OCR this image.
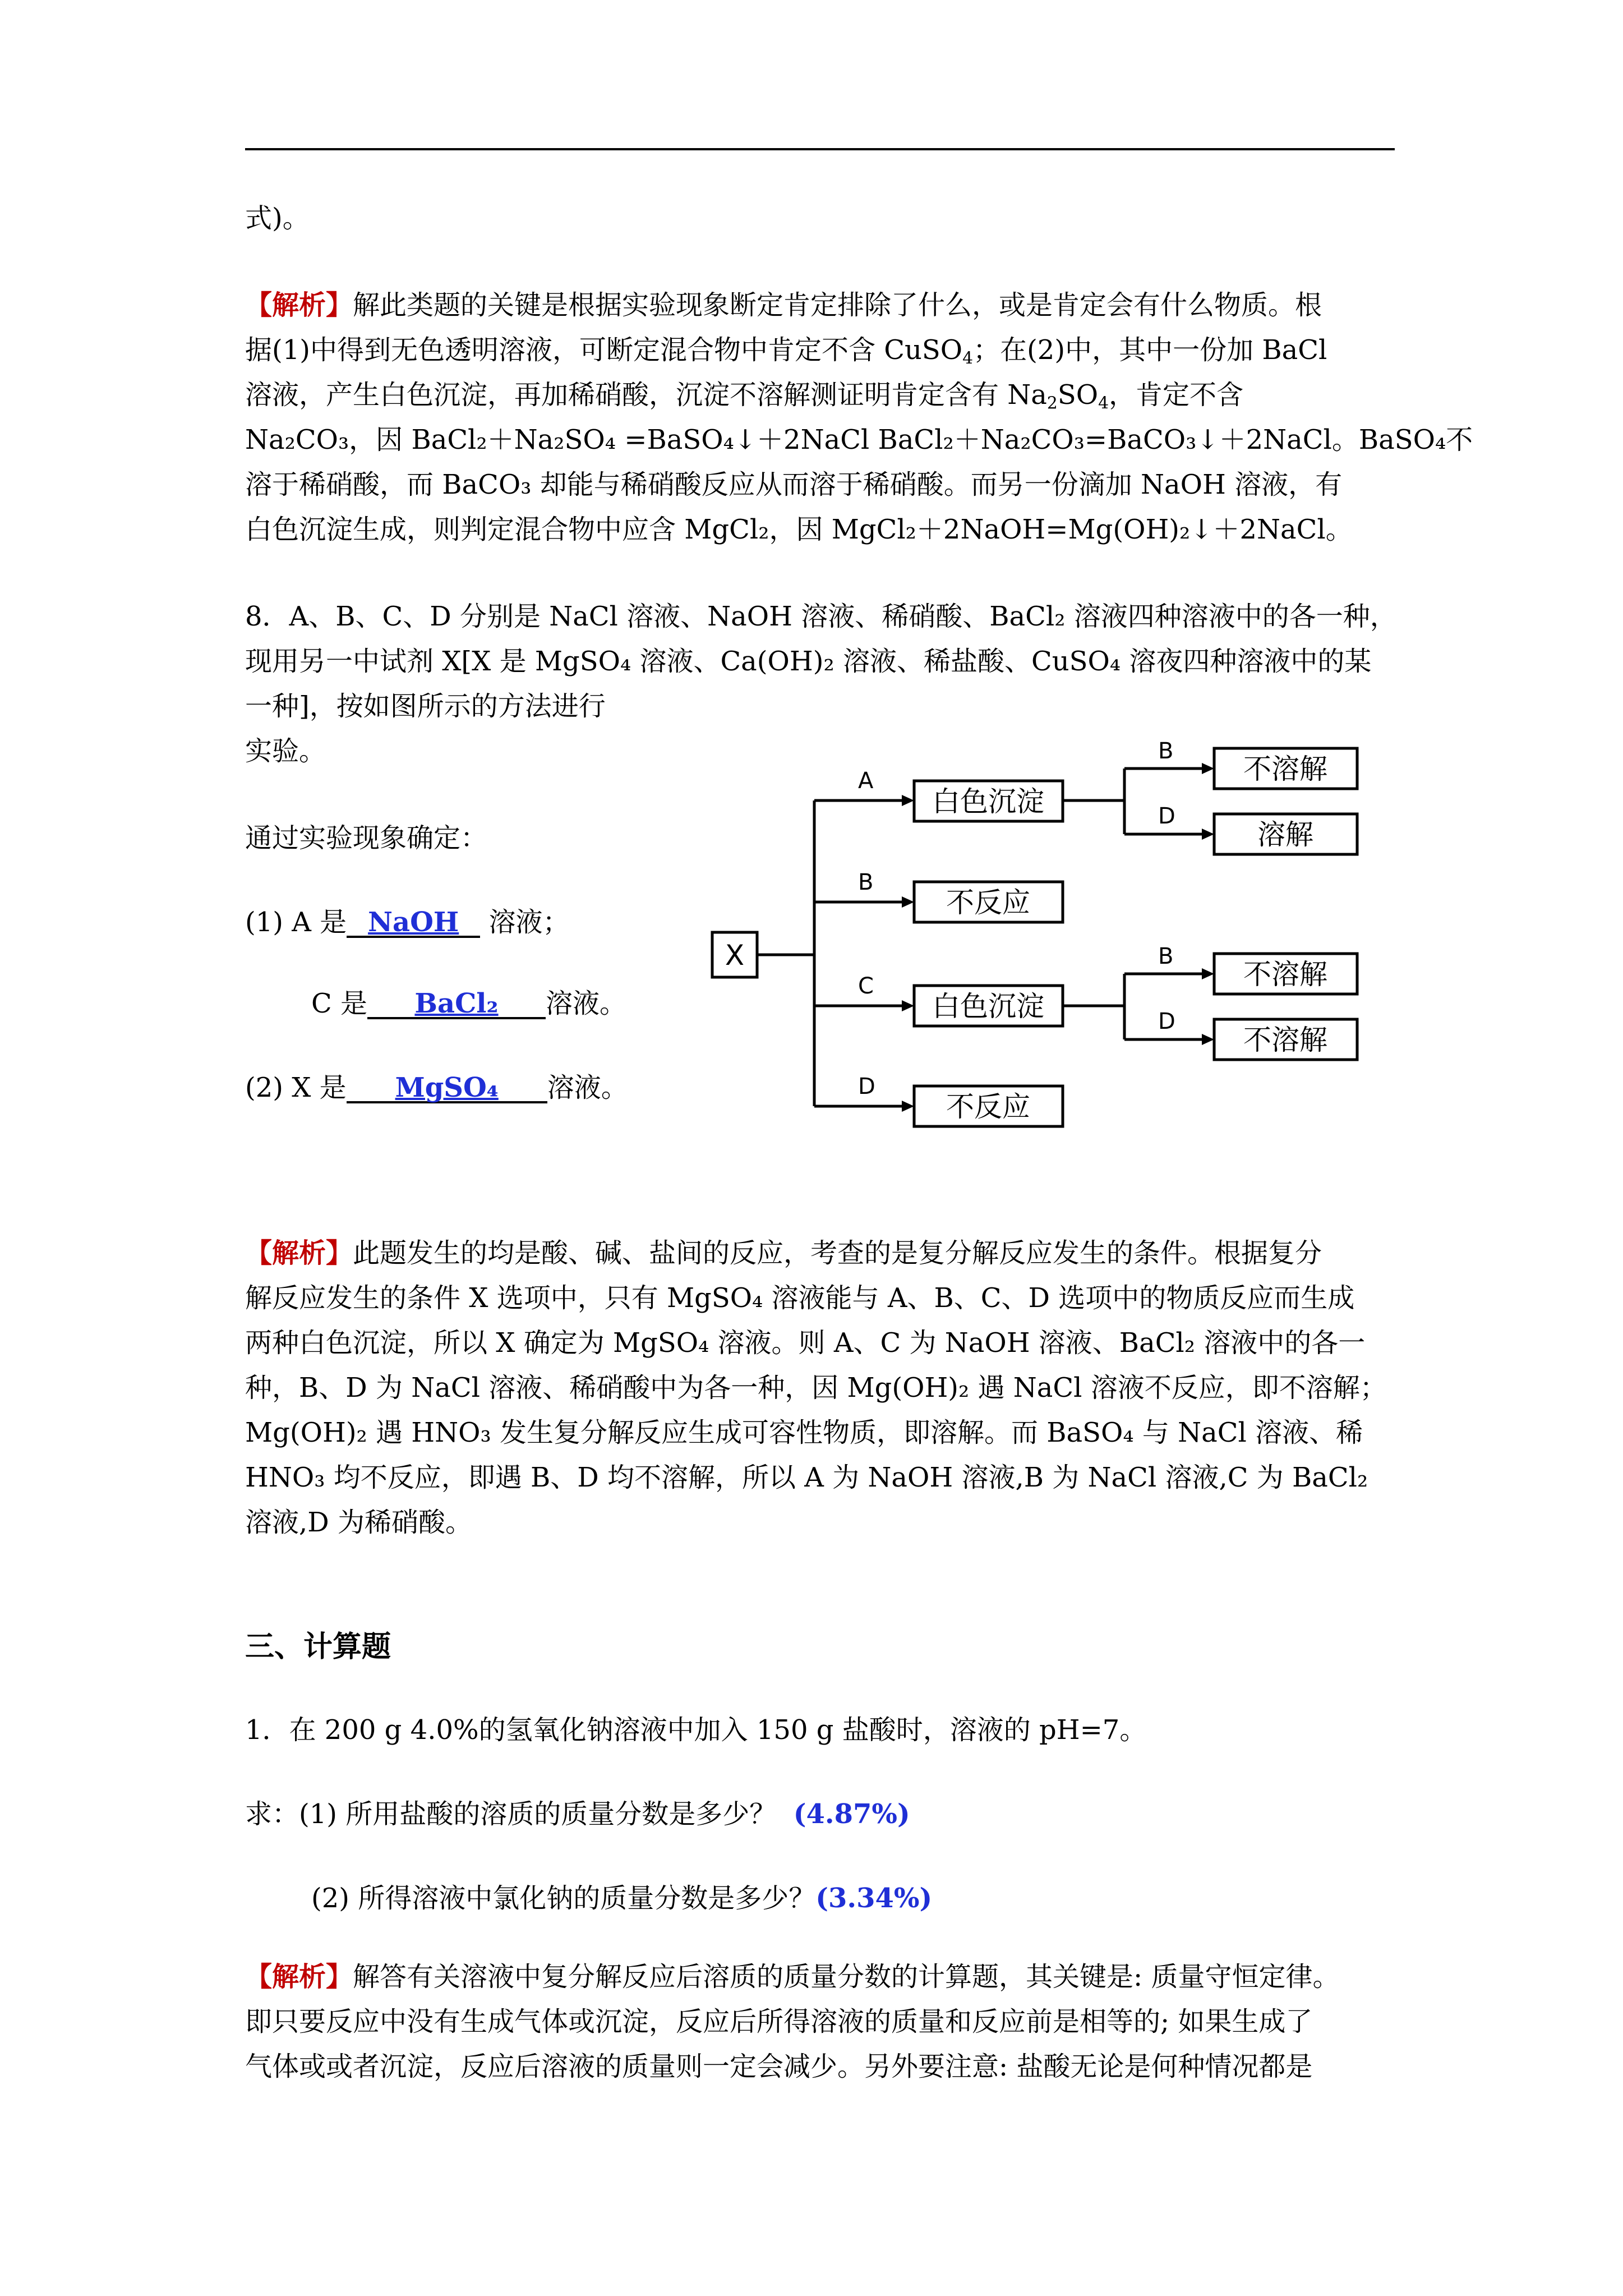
式)。
【解析】解此类题的关键是根据实验现象断定肯定排除了什么，或是肯定会有什么物质。根
据(1)中得到无色透明溶液，可断定混合物中肯定不含 CuSO$_4$；在(2)中，其中一份加 BaCl
溶液，产生白色沉淀，再加稀硝酸，沉淀不溶解测证明肯定含有 $Na_2SO_4$，肯定不含
Na₂CO₃，因 BaCl₂＋Na₂SO₄ =BaSO₄↓＋2NaCl BaCl₂＋Na₂CO₃=BaCO₃↓＋2NaCl。BaSO₄不
溶于稀硝酸，而 BaCO₃ 却能与稀硝酸反应从而溶于稀硝酸。而另一份滴加 NaOH 溶液，有
白色沉淀生成，则判定混合物中应含 MgCl₂，因 MgCl₂＋2NaOH=Mg(OH)₂↓＋2NaCl。
8．A、B、C、D 分别是 NaCl 溶液、NaOH 溶液、稀硝酸、BaCl₂ 溶液四种溶液中的各一种，
现用另一中试剂 X[X 是 MgSO₄ 溶液、Ca(OH)₂ 溶液、稀盐酸、CuSO₄ 溶夜四种溶液中的某
一种]，按如图所示的方法进行
实验。
通过实验现象确定：
(1) A 是 NaOH 溶液；
C 是 BaCl₂ 溶液。
(2) X 是 MgSO₄ 溶液。
X
A
B
C
D
白色沉淀
不反应
白色沉淀
不反应
B
D
B
D
不溶解
溶解
不溶解
不溶解
【解析】此题发生的均是酸、碱、盐间的反应，考查的是复分解反应发生的条件。根据复分
解反应发生的条件 X 选项中，只有 MgSO₄ 溶液能与 A、B、C、D 选项中的物质反应而生成
两种白色沉淀，所以 X 确定为 MgSO₄ 溶液。则 A、C 为 NaOH 溶液、BaCl₂ 溶液中的各一
种，B、D 为 NaCl 溶液、稀硝酸中为各一种，因 Mg(OH)₂ 遇 NaCl 溶液不反应，即不溶解；
Mg(OH)₂ 遇 HNO₃ 发生复分解反应生成可容性物质，即溶解。而 BaSO₄ 与 NaCl 溶液、稀
HNO₃ 均不反应，即遇 B、D 均不溶解，所以 A 为 NaOH 溶液,B 为 NaCl 溶液,C 为 BaCl₂
溶液,D 为稀硝酸。
三、计算题
1．在 200 g 4.0%的氢氧化钠溶液中加入 150 g 盐酸时，溶液的 pH=7。
求：(1) 所用盐酸的溶质的质量分数是多少？ (4.87%)
(2) 所得溶液中氯化钠的质量分数是多少？(3.34%)
【解析】解答有关溶液中复分解反应后溶质的质量分数的计算题，其关键是: 质量守恒定律。
即只要反应中没有生成气体或沉淀，反应后所得溶液的质量和反应前是相等的; 如果生成了
气体或或者沉淀，反应后溶液的质量则一定会减少。另外要注意: 盐酸无论是何种情况都是
